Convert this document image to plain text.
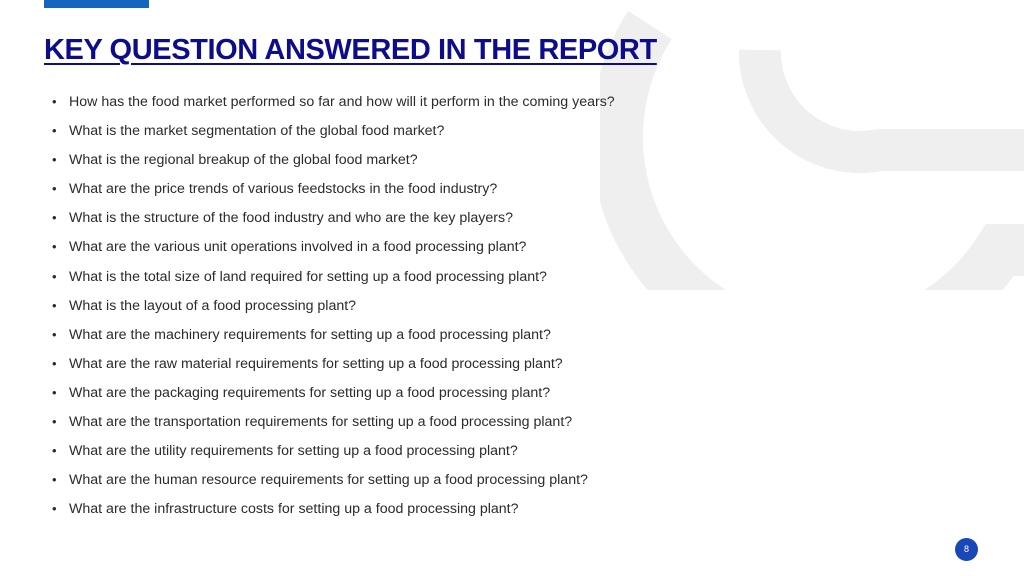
KEY QUESTION ANSWERED IN THE REPORT
• How has the food market performed so far and how will it perform in the coming years?
• What is the market segmentation of the global food market?
• What is the regional breakup of the global food market?
• What are the price trends of various feedstocks in the food industry?
• What is the structure of the food industry and who are the key players?
• What are the various unit operations involved in a food processing plant?
• What is the total size of land required for setting up a food processing plant?
• What is the layout of a food processing plant?
• What are the machinery requirements for setting up a food processing plant?
• What are the raw material requirements for setting up a food processing plant?
• What are the packaging requirements for setting up a food processing plant?
• What are the transportation requirements for setting up a food processing plant?
• What are the utility requirements for setting up a food processing plant?
• What are the human resource requirements for setting up a food processing plant?
• What are the infrastructure costs for setting up a food processing plant?
8
